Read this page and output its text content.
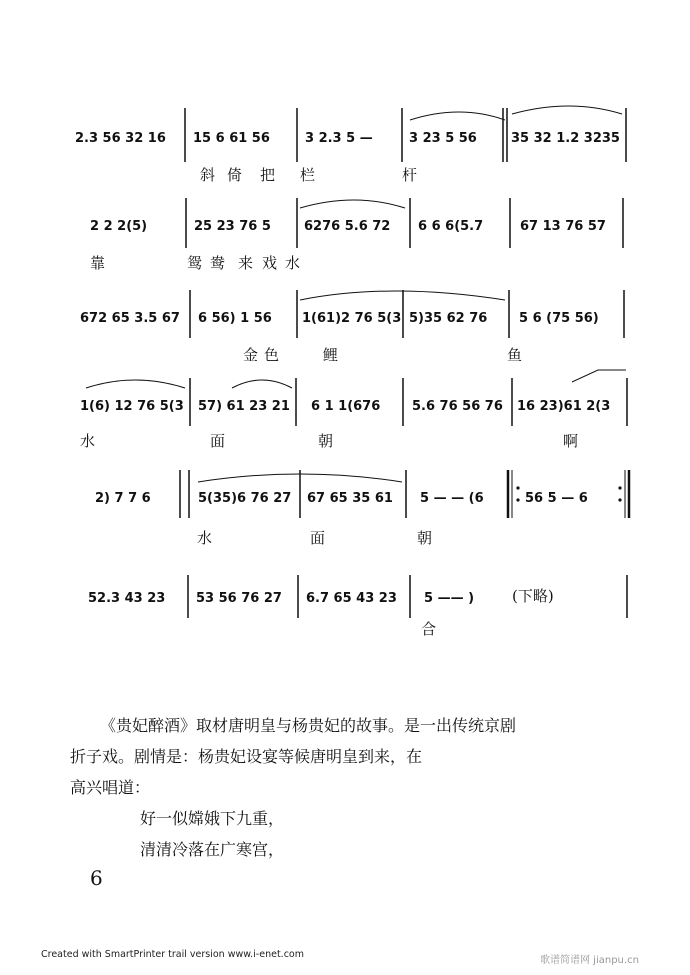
2.3 56 32 16 15 6 61 56	3 2.3 5 —	3 23 5 56	35 32 1.2 3235
斜 倚 把 栏	杆
2 2 2(5)	25 23 76 5	6276 5.6 72 6 6 6(5.7	67 13 76 57
靠	鸳 鸯 来 戏 水
672 65 3.5 67 6 56) 1 56 1(61)2 76 5(3 5)35 62 76 5 6 (75 56)
金 色	鲤	鱼
1(6) 12 76 5(3 57) 61 23 21 6 1 1(676 5.6 76 56 76 16 23)61 2(3
水	面	朝	啊
2) 7 7 6	5(35)6 76 27 67 65 35 61 5 — — (6	56 5 — 6
水	面	朝
52.3 43 23 53 56 76 27 6.7 65 43 23 5 —— )	(下略)
合

《贵妃醉酒》取材唐明皇与杨贵妃的故事。是一出传统京剧

折子戏。剧情是：杨贵妃设宴等候唐明皇到来，在

高兴唱道：

好一似嫦娥下九重，

清清冷落在广寒宫，

6
Created with SmartPrinter trail version www.i-enet.com
歌谱简谱网 jianpu.cn
